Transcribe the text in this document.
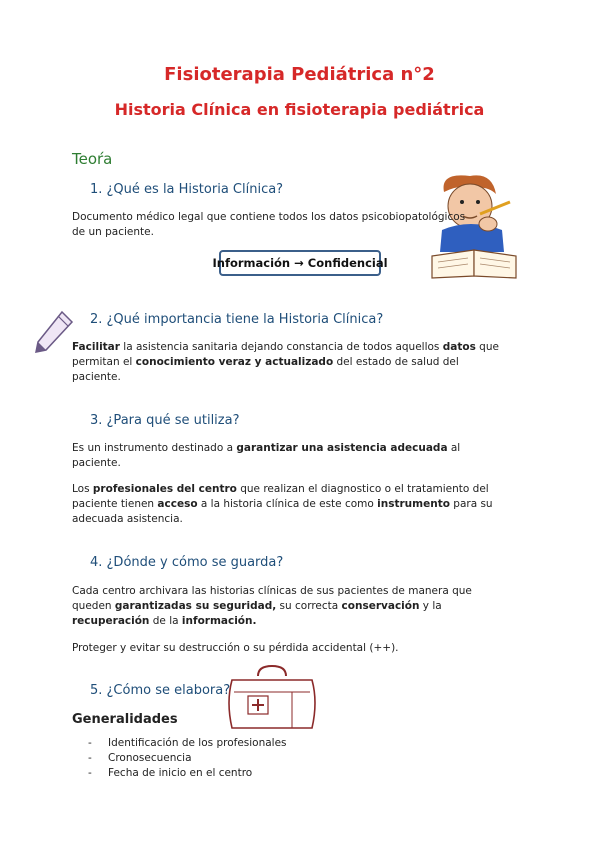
Fisioterapia Pediátrica n°2
Historia Clínica en fisioterapia pediátrica
Teoŕa
1. ¿Qué es la Historia Clínica?
Documento médico legal que contiene todos los datos psicobiopatológicos
de un paciente.
Información
→
Confidencial
2. ¿Qué importancia tiene la Historia Clínica?
Facilitar la asistencia sanitaria dejando constancia de todos aquellos datos que
permitan el conocimiento veraz y actualizado del estado de salud del
paciente.
3. ¿Para qué se utiliza?
Es un instrumento destinado a garantizar una asistencia adecuada al
paciente.
Los profesionales del centro que realizan el diagnostico o el tratamiento del
paciente tienen acceso a la historia clínica de este como instrumento para su
adecuada asistencia.
4. ¿Dónde y cómo se guarda?
Cada centro archivara las historias clínicas de sus pacientes de manera que
queden garantizadas su seguridad, su correcta conservación y la
recuperación de la información.
Proteger y evitar su destrucción o su pérdida accidental (++).
5. ¿Cómo se elabora?
Generalidades
-	Identificación de los profesionales
-	Cronosecuencia
-	Fecha de inicio en el centro
